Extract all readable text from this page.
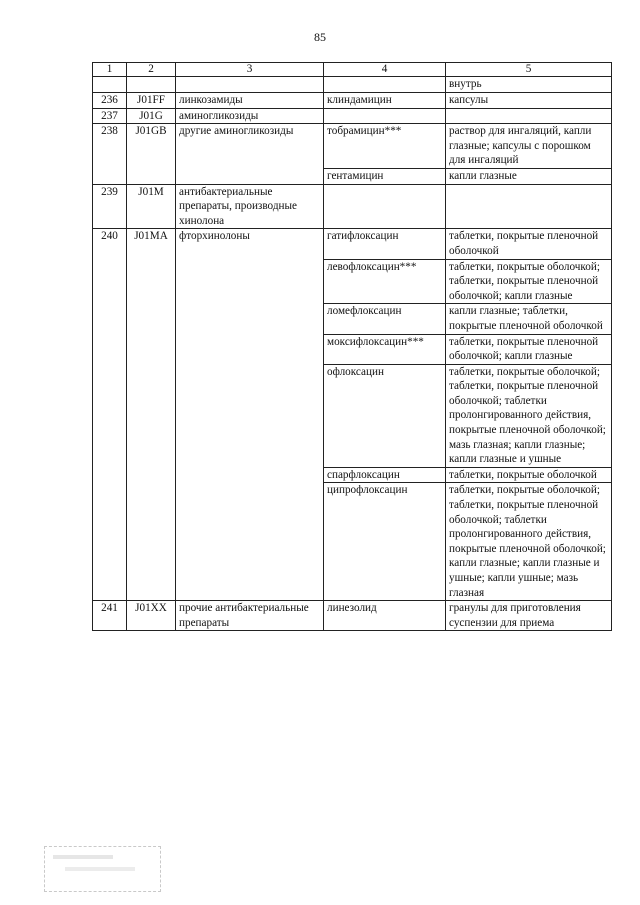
85
1	2	3	4	5
				внутрь
236	J01FF	линкозамиды	клиндамицин	капсулы
237	J01G	аминогликозиды		
238	J01GB	другие аминогликозиды	тобрамицин***	раствор для ингаляций, капли глазные; капсулы с порошком для ингаляций
			гентамицин	капли глазные
239	J01M	антибактериальные препараты, производные хинолона		
240	J01MA	фторхинолоны	гатифлоксацин	таблетки, покрытые пленочной оболочкой
			левофлоксацин***	таблетки, покрытые оболочкой; таблетки, покрытые пленочной оболочкой; капли глазные
			ломефлоксацин	капли глазные; таблетки, покрытые пленочной оболочкой
			моксифлоксацин***	таблетки, покрытые пленочной оболочкой; капли глазные
			офлоксацин	таблетки, покрытые оболочкой; таблетки, покрытые пленочной оболочкой; таблетки пролонгированного действия, покрытые пленочной оболочкой; мазь глазная; капли глазные; капли глазные и ушные
			спарфлоксацин	таблетки, покрытые оболочкой
			ципрофлоксацин	таблетки, покрытые оболочкой; таблетки, покрытые пленочной оболочкой; таблетки пролонгированного действия, покрытые пленочной оболочкой; капли глазные; капли глазные и ушные; капли ушные; мазь глазная
241	J01XX	прочие антибактериальные препараты	линезолид	гранулы для приготовления суспензии для приема
